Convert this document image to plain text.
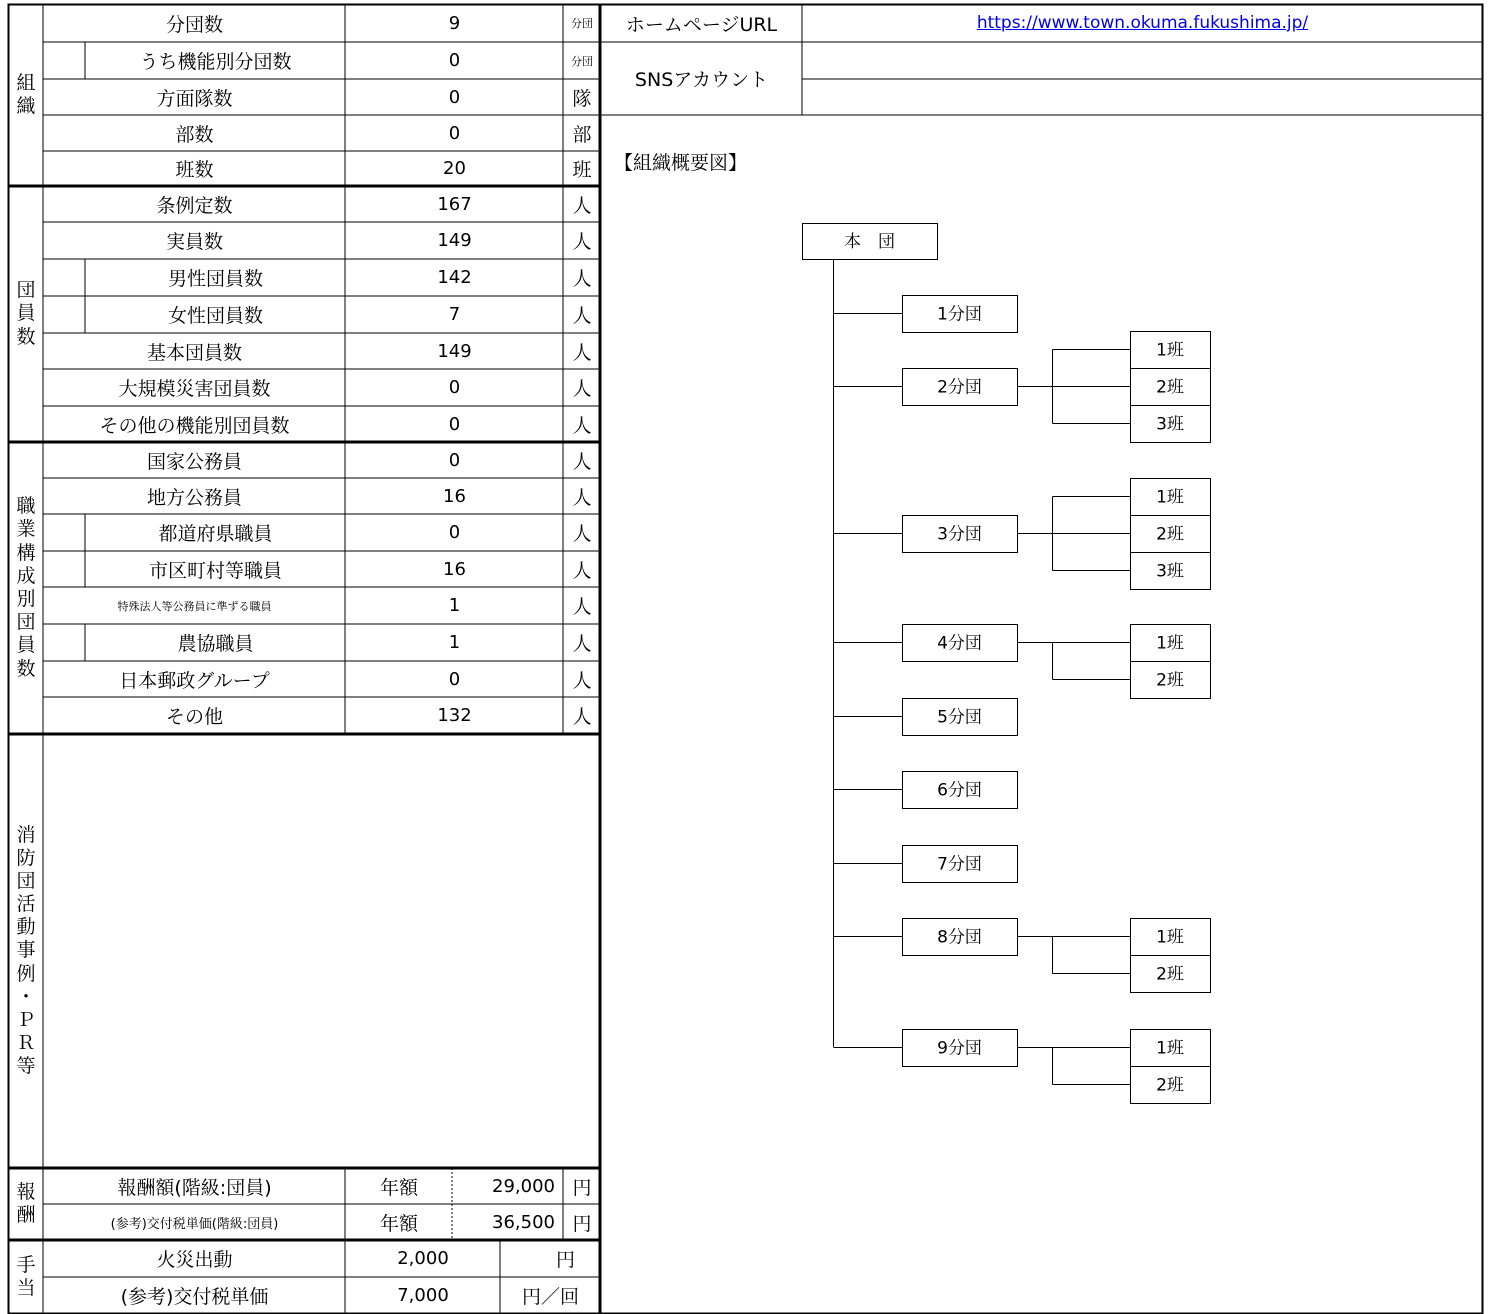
組
織
団
員
数
職
業
構
成
別
団
員
数
消
防
団
活
動
事
例
・
Ｐ
Ｒ
等
報
酬
報酬額(階級:団員)	年額	29,000 円
(参考)交付税単価(階級:団員)	年額	36,500 円
手
当
火災出動	2,000	円
(参考)交付税単価	7,000	円／回
ホームページURL	https://www.town.okuma.fukushima.jp/
SNSアカウント
【組織概要図】
本　団
1分団
2分団
1班
2班
3班
3分団
1班
2班
3班
4分団	1班
2班
5分団
6分団
7分団
8分団	1班
2班
9分団	1班
2班
分団数	9	分団
うち機能別分団数	0	分団
方面隊数	0	隊
部数	0	部
班数	20	班
条例定数	167	人
実員数	149	人
男性団員数	142	人
女性団員数	7	人
基本団員数	149	人
大規模災害団員数	0	人
その他の機能別団員数	0	人
国家公務員	0	人
地方公務員	16	人
都道府県職員	0	人
市区町村等職員	16	人
特殊法人等公務員に準ずる職員	1	人
農協職員	1	人
日本郵政グループ	0	人
その他	132	人
